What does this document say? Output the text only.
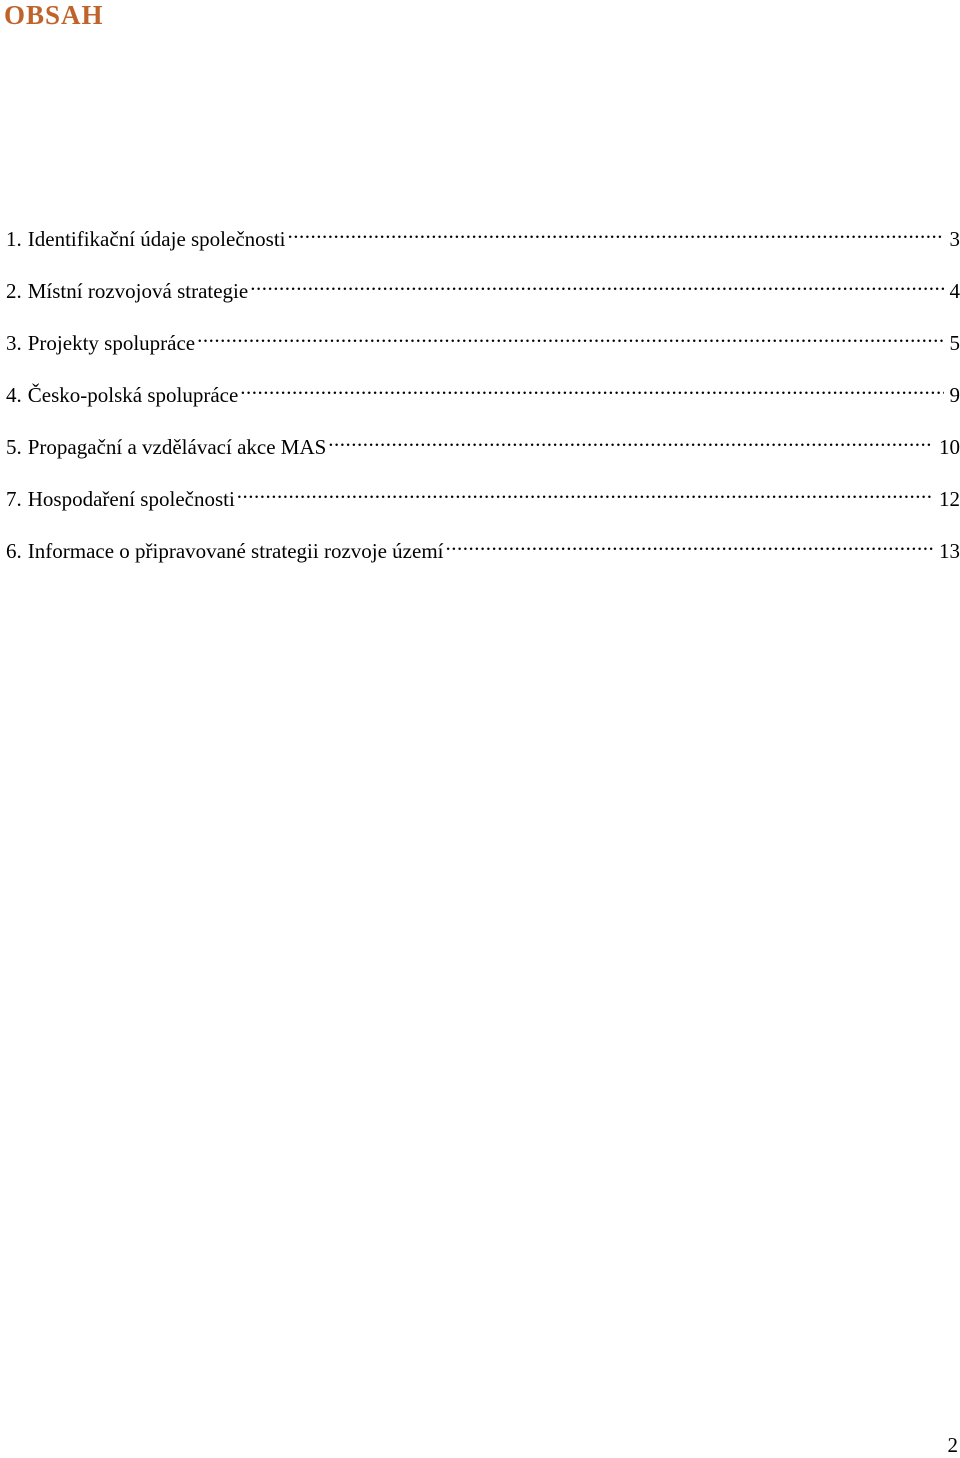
OBSAH
1. Identifikační údaje společnosti .....	3
2. Místní rozvojová strategie .....	4
3. Projekty spolupráce .....	5
4. Česko-polská spolupráce .....	9
5. Propagační a vzdělávací akce MAS .....	10
7. Hospodaření společnosti .....	12
6. Informace o připravované strategii rozvoje území .....	13
2
